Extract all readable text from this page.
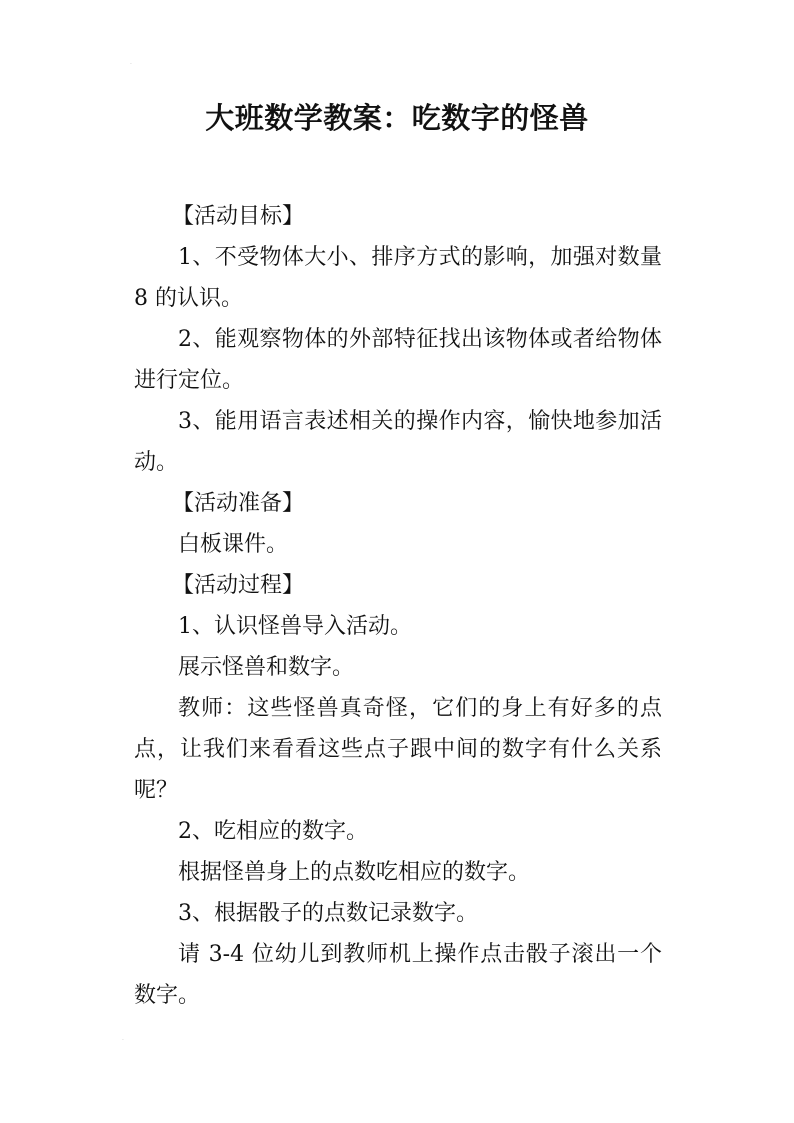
·
·
大班数学教案：吃数字的怪兽

【活动目标】

1、不受物体大小、排序方式的影响，加强对数量 8 的认识。

2、能观察物体的外部特征找出该物体或者给物体进行定位。

3、能用语言表述相关的操作内容，愉快地参加活动。

【活动准备】

白板课件。

【活动过程】

1、认识怪兽导入活动。

展示怪兽和数字。

教师：这些怪兽真奇怪，它们的身上有好多的点点，让我们来看看这些点子跟中间的数字有什么关系呢？

2、吃相应的数字。

根据怪兽身上的点数吃相应的数字。

3、根据骰子的点数记录数字。

请 3-4 位幼儿到教师机上操作点击骰子滚出一个数字。
